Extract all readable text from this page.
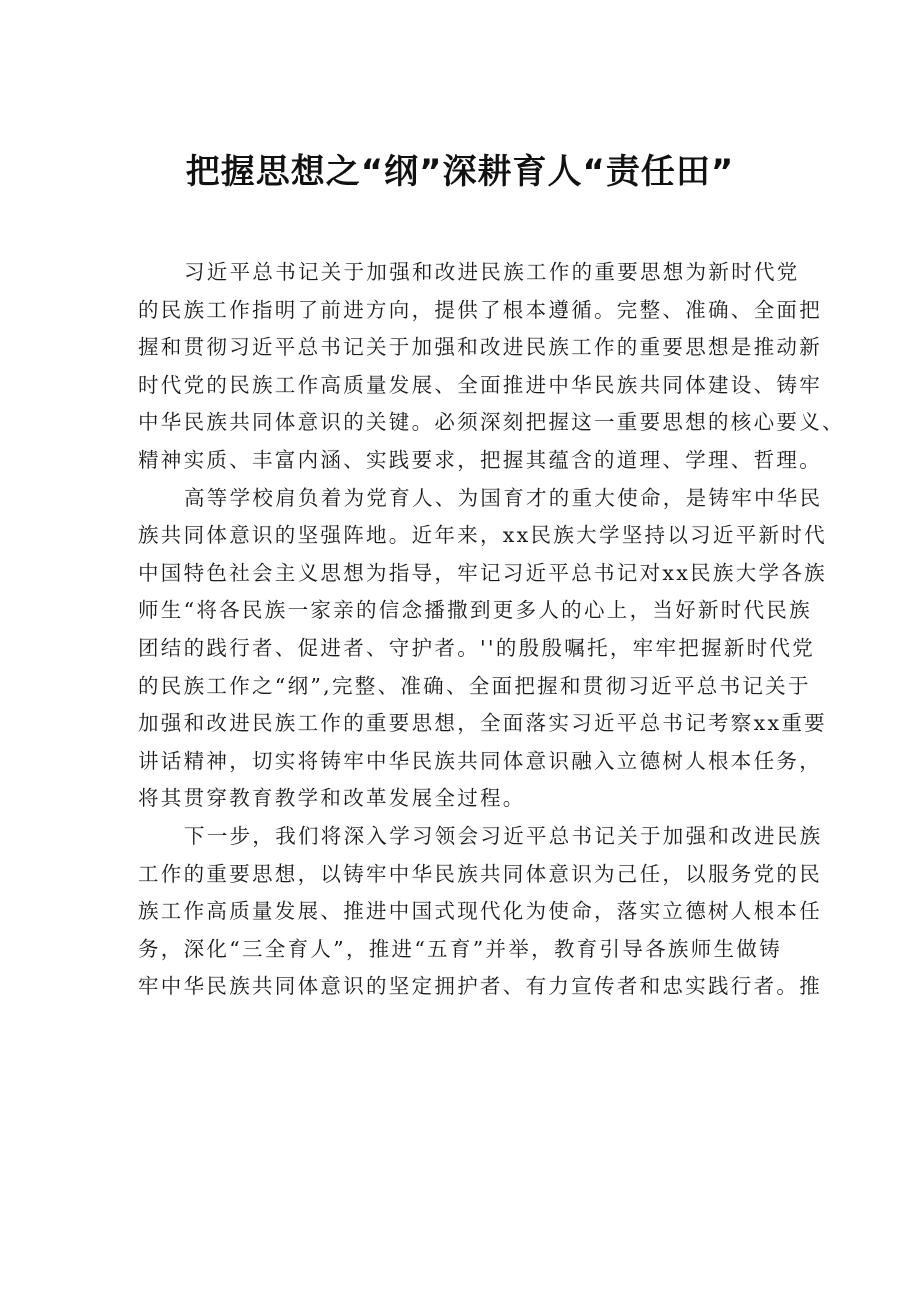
把握思想之“纲”深耕育人“责任田”
习近平总书记关于加强和改进民族工作的重要思想为新时代党
的民族工作指明了前进方向，提供了根本遵循。完整、准确、全面把
握和贯彻习近平总书记关于加强和改进民族工作的重要思想是推动新
时代党的民族工作高质量发展、全面推进中华民族共同体建设、铸牢
中华民族共同体意识的关键。必须深刻把握这一重要思想的核心要义、
精神实质、丰富内涵、实践要求，把握其蕴含的道理、学理、哲理。
高等学校肩负着为党育人、为国育才的重大使命，是铸牢中华民
族共同体意识的坚强阵地。近年来，xx民族大学坚持以习近平新时代
中国特色社会主义思想为指导，牢记习近平总书记对xx民族大学各族
师生“将各民族一家亲的信念播撒到更多人的心上，当好新时代民族
团结的践行者、促进者、守护者。''的殷殷嘱托，牢牢把握新时代党
的民族工作之“纲”,完整、准确、全面把握和贯彻习近平总书记关于
加强和改进民族工作的重要思想，全面落实习近平总书记考察xx重要
讲话精神，切实将铸牢中华民族共同体意识融入立德树人根本任务，
将其贯穿教育教学和改革发展全过程。
下一步，我们将深入学习领会习近平总书记关于加强和改进民族
工作的重要思想，以铸牢中华民族共同体意识为己任，以服务党的民
族工作高质量发展、推进中国式现代化为使命，落实立德树人根本任
务，深化“三全育人”，推进“五育”并举，教育引导各族师生做铸
牢中华民族共同体意识的坚定拥护者、有力宣传者和忠实践行者。推
